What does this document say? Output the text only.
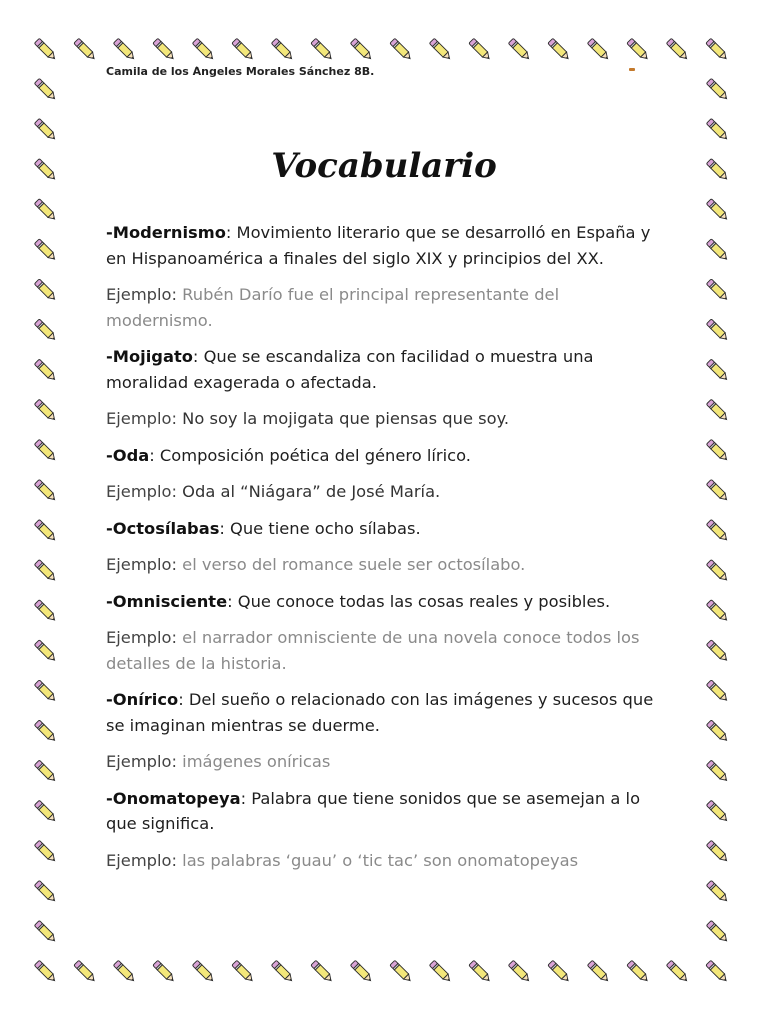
Camila de los Ángeles Morales Sánchez 8B.
Vocabulario

-Modernismo: Movimiento literario que se desarrolló en España y en Hispanoamérica a finales del siglo XIX y principios del XX.

Ejemplo: Rubén Darío fue el principal representante del modernismo.

-Mojigato: Que se escandaliza con facilidad o muestra una moralidad exagerada o afectada.

Ejemplo: No soy la mojigata que piensas que soy.

-Oda: Composición poética del género lírico.

Ejemplo: Oda al “Niágara” de José María.

-Octosílabas: Que tiene ocho sílabas.

Ejemplo: el verso del romance suele ser octosílabo.

-Omnisciente: Que conoce todas las cosas reales y posibles.

Ejemplo: el narrador omnisciente de una novela conoce todos los detalles de la historia.

-Onírico: Del sueño o relacionado con las imágenes y sucesos que se imaginan mientras se duerme.

Ejemplo: imágenes oníricas

-Onomatopeya: Palabra que tiene sonidos que se asemejan a lo que significa.

Ejemplo: las palabras ‘guau’ o ‘tic tac’ son onomatopeyas
